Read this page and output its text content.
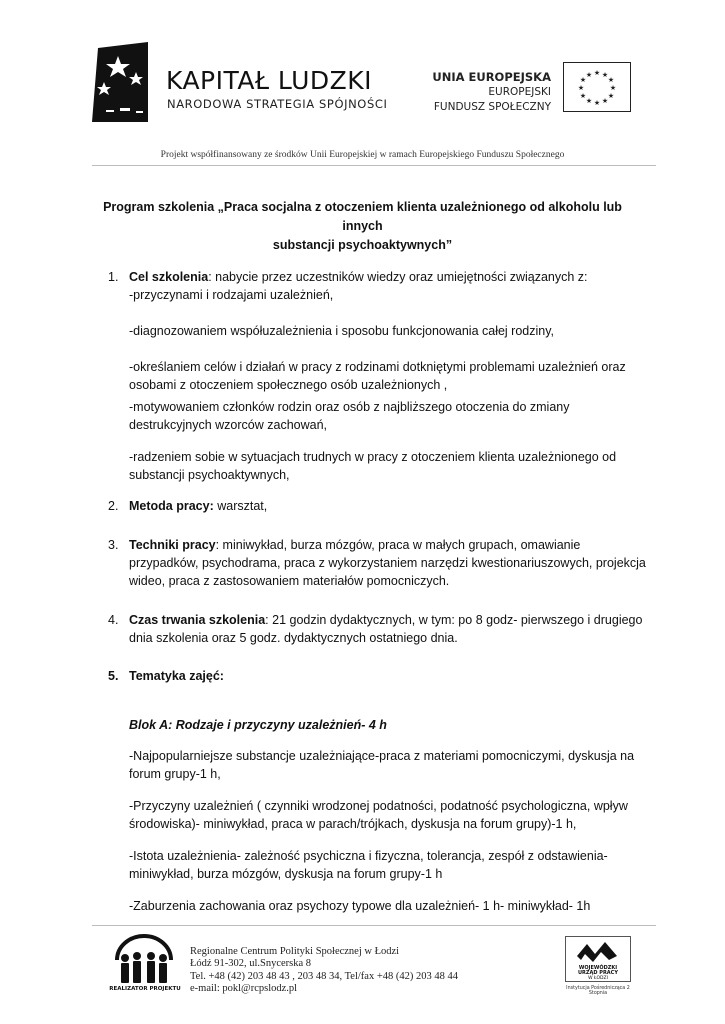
KAPITAŁ LUDZKI
NARODOWA STRATEGIA SPÓJNOŚCI
UNIA EUROPEJSKA
EUROPEJSKI
FUNDUSZ SPOŁECZNY
★ ★
★
★
★
★
★
★
★
★
★
★
Projekt współfinansowany ze środków Unii Europejskiej w ramach Europejskiego Funduszu Społecznego
Program szkolenia „Praca socjalna z otoczeniem klienta uzależnionego od alkoholu lub innych
substancji psychoaktywnych”
1. Cel szkolenia: nabycie przez uczestników wiedzy oraz umiejętności związanych z:
-przyczynami i rodzajami uzależnień,
-diagnozowaniem współuzależnienia i sposobu funkcjonowania całej rodziny,
-określaniem celów i działań w pracy z rodzinami dotkniętymi problemami uzależnień oraz
osobami z otoczeniem społecznego osób uzależnionych ,
-motywowaniem członków rodzin oraz osób z najbliższego otoczenia do zmiany
destrukcyjnych wzorców zachowań,
-radzeniem sobie w sytuacjach trudnych w pracy z otoczeniem klienta uzależnionego od
substancji psychoaktywnych,
2. Metoda pracy: warsztat,
3. Techniki pracy: miniwykład, burza mózgów, praca w małych grupach, omawianie
przypadków, psychodrama, praca z wykorzystaniem narzędzi kwestionariuszowych, projekcja
wideo, praca z zastosowaniem materiałów pomocniczych.
4. Czas trwania szkolenia: 21 godzin dydaktycznych, w tym: po 8 godz- pierwszego i drugiego
dnia szkolenia oraz 5 godz. dydaktycznych ostatniego dnia.
5. Tematyka zajęć:
Blok A: Rodzaje i przyczyny uzależnień- 4 h
-Najpopularniejsze substancje uzależniające-praca z materiami pomocniczymi, dyskusja na
forum grupy-1 h,
-Przyczyny uzależnień ( czynniki wrodzonej podatności, podatność psychologiczna, wpływ
środowiska)- miniwykład, praca w parach/trójkach, dyskusja na forum grupy)-1 h,
-Istota uzależnienia- zależność psychiczna i fizyczna, tolerancja, zespół z odstawienia-
miniwykład, burza mózgów, dyskusja na forum grupy-1 h
-Zaburzenia zachowania oraz psychozy typowe dla uzależnień- 1 h- miniwykład- 1h
REALIZATOR PROJEKTU
Regionalne Centrum Polityki Społecznej w Łodzi
Łódź 91-302, ul.Snycerska 8
Tel. +48 (42) 203 48 43 , 203 48 34, Tel/fax +48 (42) 203 48 44
e-mail: pokl@rcpslodz.pl
WOJEWÓDZKI
URZĄD PRACY
W ŁODZI
Instytucja Pośrednicząca 2 Stopnia
